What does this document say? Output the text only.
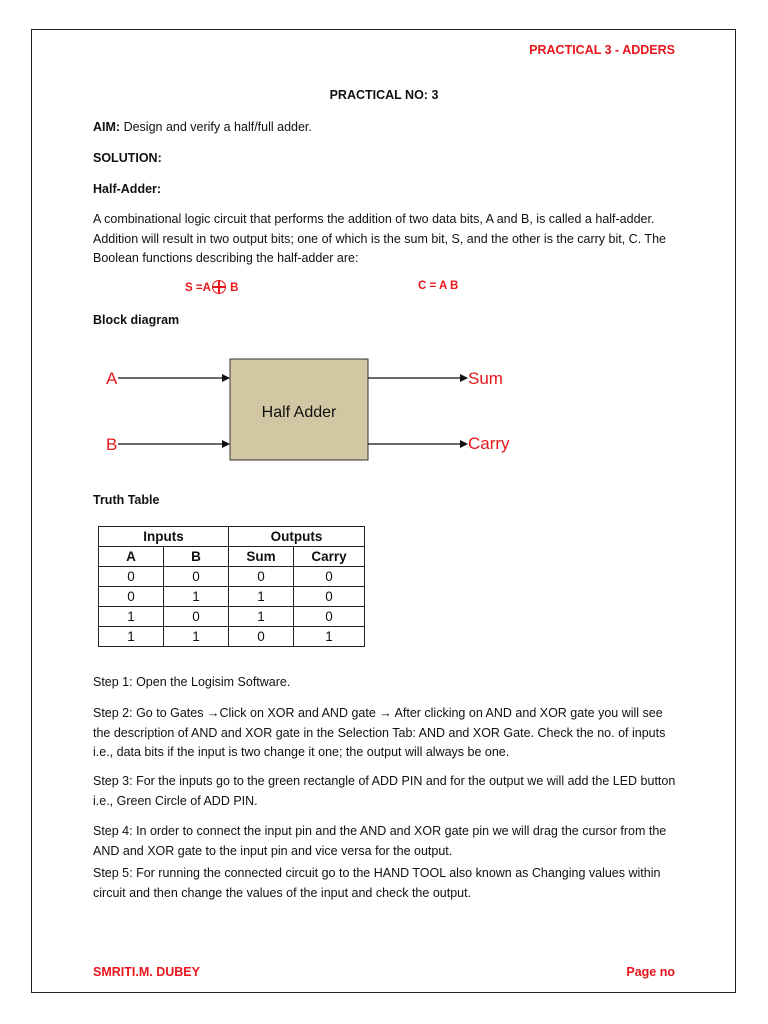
PRACTICAL 3 - ADDERS
PRACTICAL NO: 3
AIM: Design and verify a half/full adder.
SOLUTION:
Half-Adder:
A combinational logic circuit that performs the addition of two data bits, A and B, is called a half-adder. Addition will result in two output bits; one of which is the sum bit, S, and the other is the carry bit, C. The Boolean functions describing the half-adder are:
S =A B	C = A B
Block diagram
A
B
Half Adder
Sum
Carry
Truth Table
Inputs		Outputs	
A	B	Sum	Carry
0	0	0	0
0	1	1	0
1	0	1	0
1	1	0	1
Step 1: Open the Logisim Software.
Step 2: Go to Gates →Click on XOR and AND gate → After clicking on AND and XOR gate you will see the description of AND and XOR gate in the Selection Tab: AND and XOR Gate. Check the no. of inputs i.e., data bits if the input is two change it one; the output will always be one.
Step 3: For the inputs go to the green rectangle of ADD PIN and for the output we will add the LED button i.e., Green Circle of ADD PIN.
Step 4: In order to connect the input pin and the AND and XOR gate pin we will drag the cursor from the AND and XOR gate to the input pin and vice versa for the output.
Step 5: For running the connected circuit go to the HAND TOOL also known as Changing values within circuit and then change the values of the input and check the output.
SMRITI.M. DUBEY	Page no
